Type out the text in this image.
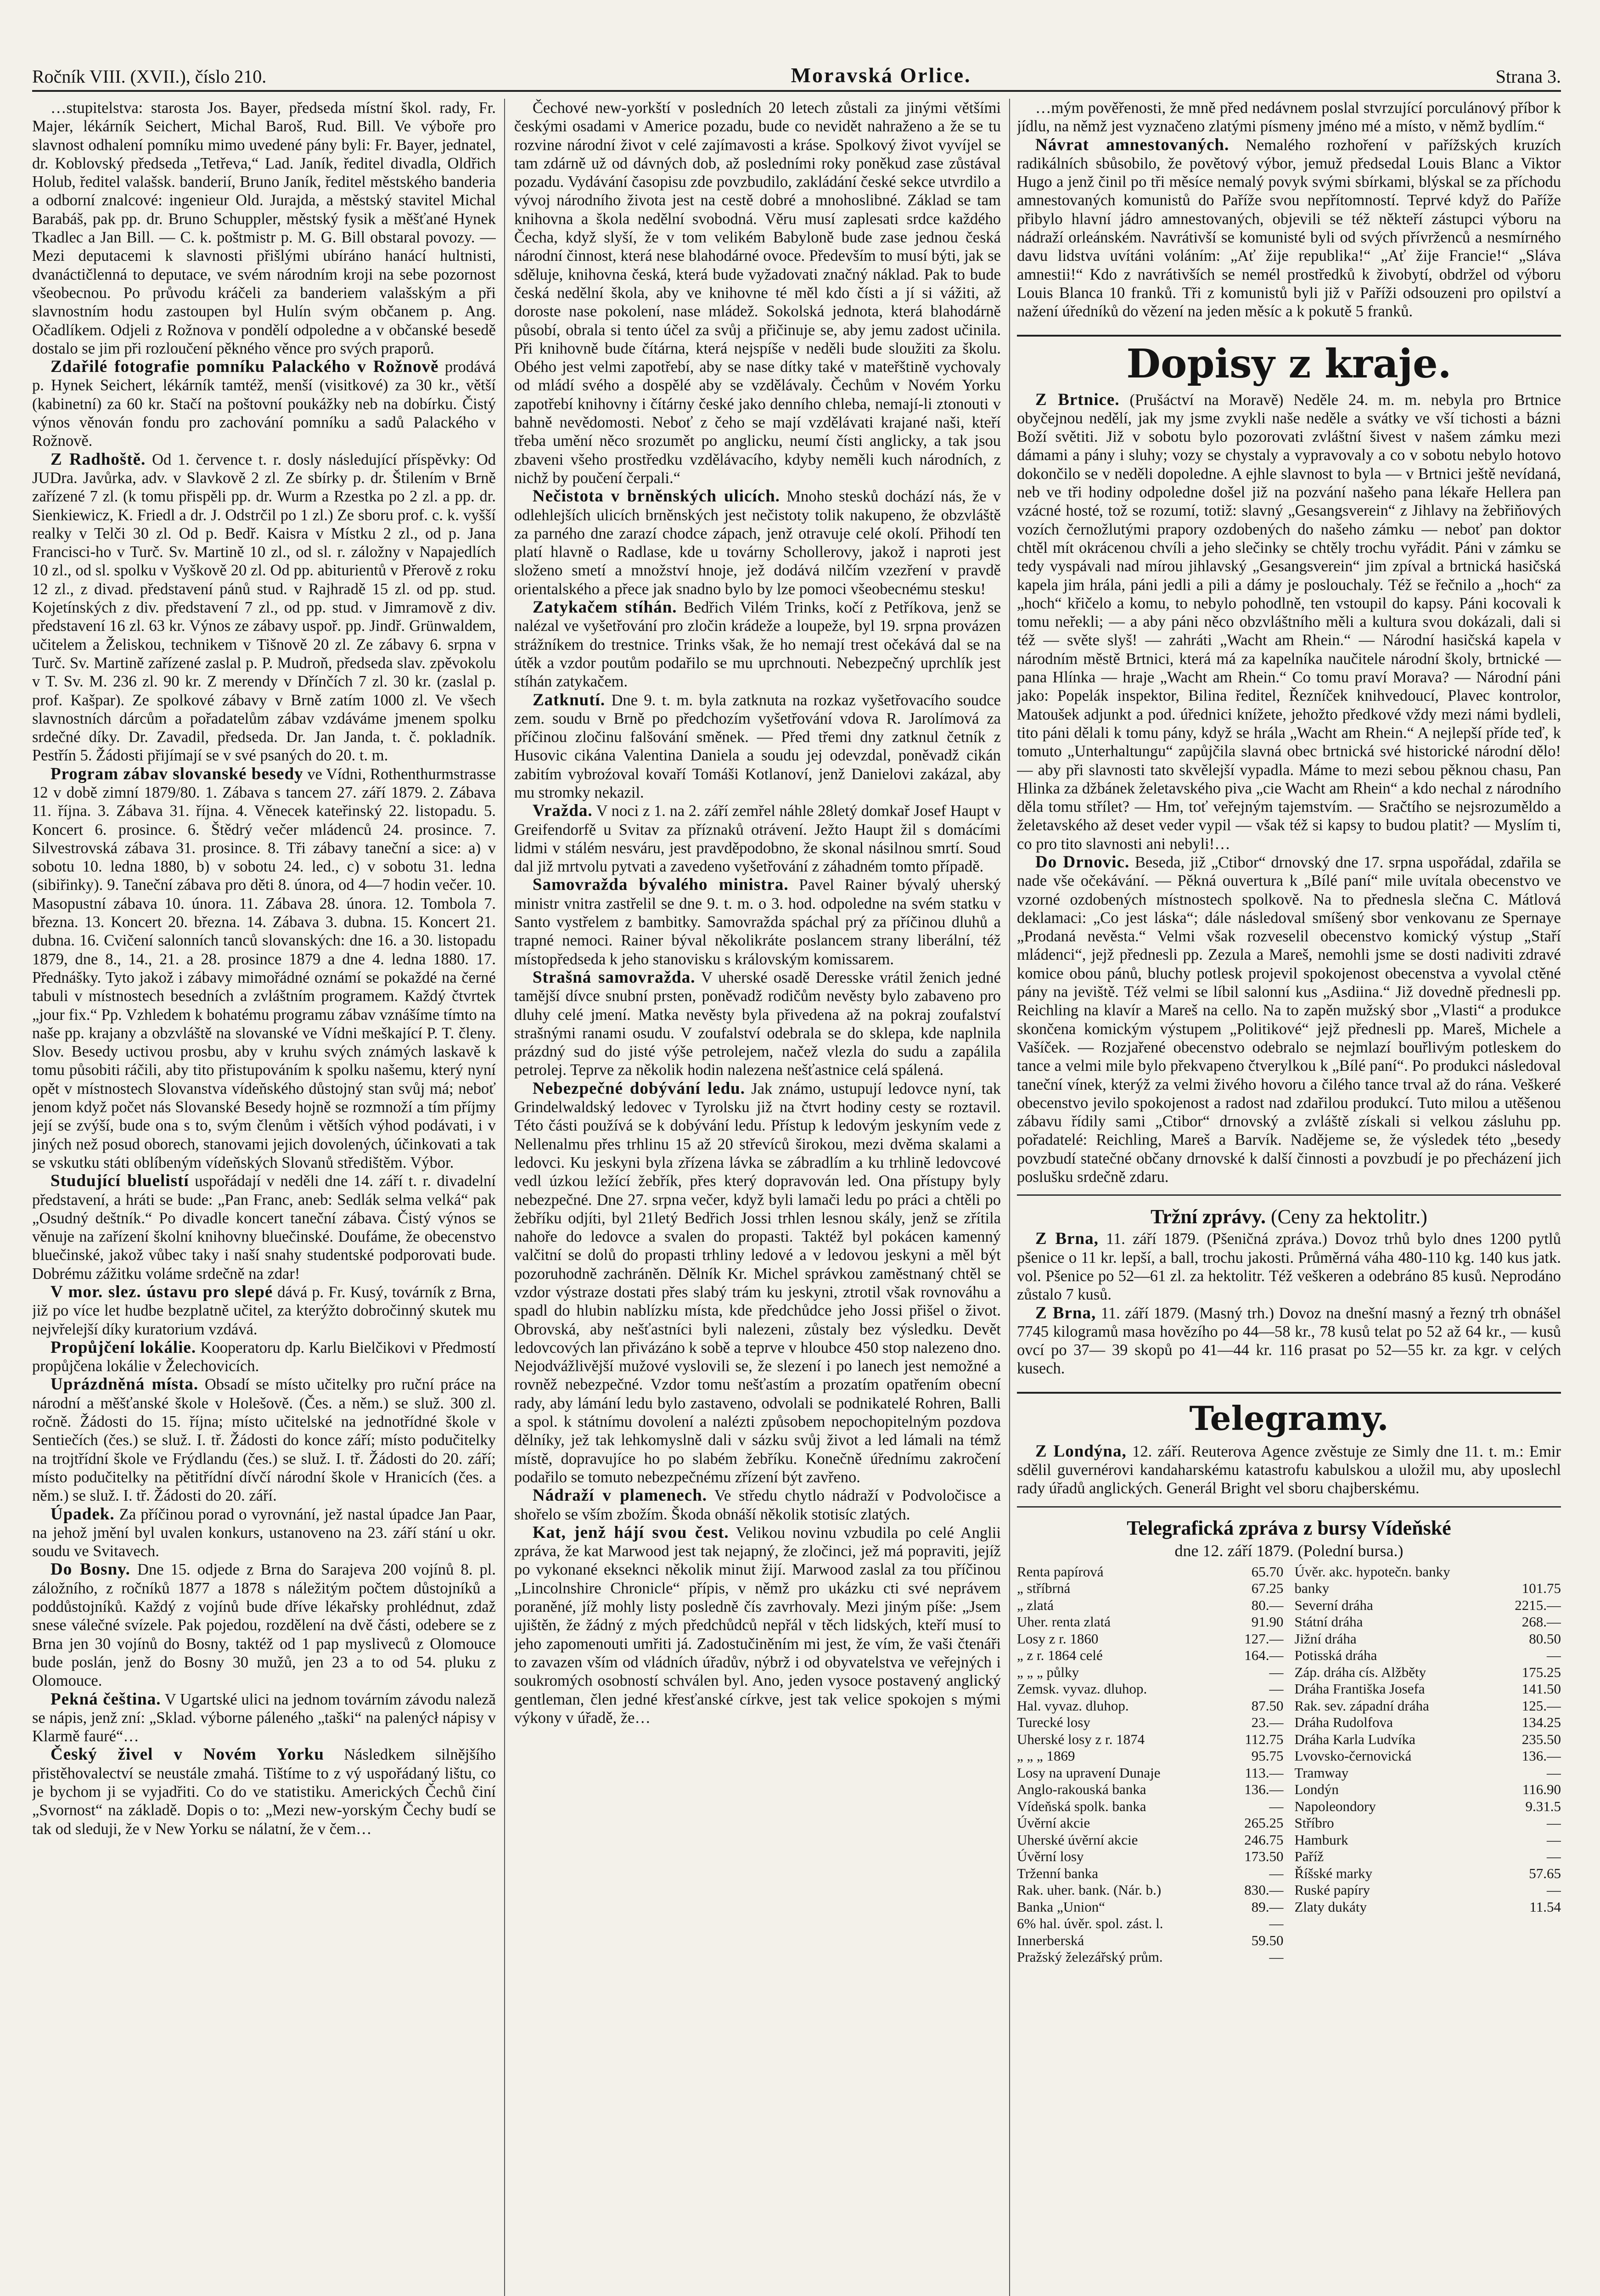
Ročník VIII. (XVII.), číslo 210.	Moravská Orlice.	Strana 3.

…stupitelstva: starosta Jos. Bayer, předseda místní škol. rady, Fr. Majer, lékárník Seichert, Michal Baroš, Rud. Bill. Ve výboře pro slavnost odhalení pomníku mimo uvedené pány byli: Fr. Bayer, jednatel, dr. Koblovský předseda „Tetřeva,“ Lad. Janík, ředitel divadla, Oldřich Holub, ředitel valašsk. banderií, Bruno Janík, ředitel městského banderia a odborní znalcové: ingenieur Old. Jurajda, a městský stavitel Michal Barabáš, pak pp. dr. Bruno Schuppler, městský fysik a měšťané Hynek Tkadlec a Jan Bill. — C. k. poštmistr p. M. G. Bill obstaral povozy. — Mezi deputacemi k slavnosti přišlými ubíráno hanácí hultnisti, dvanáctičlenná to deputace, ve svém národním kroji na sebe pozornost všeobecnou. Po průvodu kráčeli za banderiem valašským a při slavnostním hodu zastoupen byl Hulín svým občanem p. Ang. Očadlíkem. Odjeli z Rožnova v pondělí odpoledne a v občanské besedě dostalo se jim při rozloučení pěkného věnce pro svých praporů.

Zdařilé fotografie pomníku Palackého v Rožnově prodává p. Hynek Seichert, lékárník tamtéž, menší (visitkové) za 30 kr., větší (kabinetní) za 60 kr. Stačí na poštovní poukážky neb na dobírku. Čistý výnos věnován fondu pro zachování pomníku a sadů Palackého v Rožnově.

Z Radhoště. Od 1. července t. r. dosly následující příspěvky: Od JUDra. Javůrka, adv. v Slavkově 2 zl. Ze sbírky p. dr. Štilením v Brně zařízené 7 zl. (k tomu přispěli pp. dr. Wurm a Rzestka po 2 zl. a pp. dr. Sienkiewicz, K. Friedl a dr. J. Odstrčil po 1 zl.) Ze sboru prof. c. k. vyšší realky v Telči 30 zl. Od p. Bedř. Kaisra v Místku 2 zl., od p. Jana Francisci-ho v Turč. Sv. Martině 10 zl., od sl. r. záložny v Napajedlích 10 zl., od sl. spolku v Vyškově 20 zl. Od pp. abiturientů v Přerově z roku 12 zl., z divad. představení pánů stud. v Rajhradě 15 zl. od pp. stud. Kojetínských z div. představení 7 zl., od pp. stud. v Jimramově z div. představení 16 zl. 63 kr. Výnos ze zábavy uspoř. pp. Jindř. Grünwaldem, učitelem a Želiskou, technikem v Tišnově 20 zl. Ze zábavy 6. srpna v Turč. Sv. Martině zařízené zaslal p. P. Mudroň, předseda slav. zpěvokolu v T. Sv. M. 236 zl. 90 kr. Z merendy v Dřínčích 7 zl. 30 kr. (zaslal p. prof. Kašpar). Ze spolkové zábavy v Brně zatím 1000 zl. Ve všech slavnostních dárcům a pořadatelům zábav vzdáváme jmenem spolku srdečné díky. Dr. Zavadil, předseda. Dr. Jan Janda, t. č. pokladník. Pestřín 5. Žádosti přijímají se v své psaných do 20. t. m.

Program zábav slovanské besedy ve Vídni, Rothenthurmstrasse 12 v době zimní 1879/80. 1. Zábava s tancem 27. září 1879. 2. Zábava 11. října. 3. Zábava 31. října. 4. Věnecek kateřinský 22. listopadu. 5. Koncert 6. prosince. 6. Štědrý večer mládenců 24. prosince. 7. Silvestrovská zábava 31. prosince. 8. Tři zábavy taneční a sice: a) v sobotu 10. ledna 1880, b) v sobotu 24. led., c) v sobotu 31. ledna (sibiřinky). 9. Taneční zábava pro děti 8. února, od 4—7 hodin večer. 10. Masopustní zábava 10. února. 11. Zábava 28. února. 12. Tombola 7. března. 13. Koncert 20. března. 14. Zábava 3. dubna. 15. Koncert 21. dubna. 16. Cvičení salonních tanců slovanských: dne 16. a 30. listopadu 1879, dne 8., 14., 21. a 28. prosince 1879 a dne 4. ledna 1880. 17. Přednášky. Tyto jakož i zábavy mimořádné oznámí se pokaždé na černé tabuli v místnostech besedních a zvláštním programem. Každý čtvrtek „jour fix.“ Pp. Vzhledem k bohatému programu zábav vznášíme tímto na naše pp. krajany a obzvláště na slovanské ve Vídni meškající P. T. členy. Slov. Besedy uctivou prosbu, aby v kruhu svých známých laskavě k tomu působiti ráčili, aby tito přistupováním k spolku našemu, který nyní opět v místnostech Slovanstva vídeňského důstojný stan svůj má; neboť jenom když počet nás Slovanské Besedy hojně se rozmnoží a tím příjmy její se zvýší, bude ona s to, svým členům i větších výhod podávati, i v jiných než posud oborech, stanovami jejich dovolených, účinkovati a tak se vskutku státi oblíbeným vídeňských Slovanů středištěm. Výbor.

Studující bluelistí uspořádají v neděli dne 14. září t. r. divadelní představení, a hráti se bude: „Pan Franc, aneb: Sedlák selma velká“ pak „Osudný deštník.“ Po divadle koncert taneční zábava. Čistý výnos se věnuje na zařízení školní knihovny bluečinské. Doufáme, že obecenstvo bluečinské, jakož vůbec taky i naší snahy studentské podporovati bude. Dobrému zážitku voláme srdečně na zdar!

V mor. slez. ústavu pro slepé dává p. Fr. Kusý, továrník z Brna, již po více let hudbe bezplatně učitel, za kterýžto dobročinný skutek mu nejvřelejší díky kuratorium vzdává.

Propůjčení lokálie. Kooperatoru dp. Karlu Bielčikovi v Předmostí propůjčena lokálie v Želechovicích.

Uprázdněná místa. Obsadí se místo učitelky pro ruční práce na národní a měšťanské škole v Holešově. (Čes. a něm.) se služ. 300 zl. ročně. Žádosti do 15. října; místo učitelské na jednotřídné škole v Sentiečích (čes.) se služ. I. tř. Žádosti do konce září; místo podučitelky na trojtřídní škole ve Frýdlandu (čes.) se služ. I. tř. Žádosti do 20. září; místo podučitelky na pětitřídní dívčí národní škole v Hranicích (čes. a něm.) se služ. I. tř. Žádosti do 20. září.

Úpadek. Za příčinou porad o vyrovnání, jež nastal úpadce Jan Paar, na jehož jmění byl uvalen konkurs, ustanoveno na 23. září stání u okr. soudu ve Svitavech.

Do Bosny. Dne 15. odjede z Brna do Sarajeva 200 vojínů 8. pl. záložního, z ročníků 1877 a 1878 s náležitým počtem důstojníků a poddůstojníků. Každý z vojínů bude dříve lékařsky prohlédnut, zdaž snese válečné svízele. Pak pojedou, rozdělení na dvě části, odebere se z Brna jen 30 vojínů do Bosny, taktéž od 1 pap mysliveců z Olomouce bude poslán, jenž do Bosny 30 mužů, jen 23 a to od 54. pluku z Olomouce.

Pekná čeština. V Ugartské ulici na jednom továrním závodu naleză se nápis, jenž zní: „Sklad. výborne páleného „taški“ na palenýcł nápisy v Klarmě fauré“…

Český živel v Novém Yorku Následkem silnějšího přistěhovalectví se neustále zmahá. Tištíme to z vý uspořádaný lištu, co je bychom ji se vyjadřiti. Co do ve statistiku. Amerických Čechů činí „Svornost“ na základě. Dopis o to: „Mezi new-yorským Čechy budí se tak od sleduji, že v New Yorku se nálatní, že v čem…

Čechové new-yorkští v posledních 20 letech zůstali za jinými většími českými osadami v Americe pozadu, bude co nevidět nahraženo a že se tu rozvine národní život v celé zajímavosti a kráse. Spolkový život vyvíjel se tam zdárně už od dávných dob, až posledními roky poněkud zase zůstával pozadu. Vydávání časopisu zde povzbudilo, zakládání české sekce utvrdilo a vývoj národního života jest na cestě dobré a mnohoslibné. Základ se tam knihovna a škola nedělní svobodná. Věru musí zaplesati srdce každého Čecha, když slyší, že v tom velikém Babyloně bude zase jednou česká národní činnost, která nese blahodárné ovoce. Především to musí býti, jak se sděluje, knihovna česká, která bude vyžadovati značný náklad. Pak to bude česká nedělní škola, aby ve knihovne té měl kdo čísti a jí si vážiti, až doroste nase pokolení, nase mládež. Sokolská jednota, která blahodárně působí, obrala si tento účel za svůj a přičinuje se, aby jemu zadost učinila. Při knihovně bude čítárna, která nejspíše v neděli bude sloužiti za školu. Obého jest velmi zapotřebí, aby se nase dítky také v mateřštině vychovaly od mládí svého a dospělé aby se vzdělávaly. Čechům v Novém Yorku zapotřebí knihovny i čítárny české jako denního chleba, nemají-li ztonouti v bahně nevědomosti. Neboť z čeho se mají vzdělávati krajané naši, kteří třeba umění něco srozumět po anglicku, neumí čísti anglicky, a tak jsou zbaveni všeho prostředku vzdělávacího, kdyby neměli kuch národních, z nichž by poučení čerpali.“

Nečistota v brněnských ulicích. Mnoho stesků dochází nás, že v odlehlejších ulicích brněnských jest nečistoty tolik nakupeno, že obzvláště za parného dne zarazí chodce zápach, jenž otravuje celé okolí. Přihodí ten platí hlavně o Radlase, kde u továrny Schollerovy, jakož i naproti jest složeno smetí a množství hnoje, jež dodává nilčím vzezření v pravdě orientalského a přece jak snadno bylo by lze pomoci všeobecnému stesku!

Zatykačem stíhán. Bedřich Vilém Trinks, kočí z Petříkova, jenž se nalézal ve vyšetřování pro zločin krádeže a loupeže, byl 19. srpna provázen strážníkem do trestnice. Trinks však, že ho nemají trest očekává dal se na útěk a vzdor poutům podařilo se mu uprchnouti. Nebezpečný uprchlík jest stíhán zatykačem.

Zatknutí. Dne 9. t. m. byla zatknuta na rozkaz vyšetřovacího soudce zem. soudu v Brně po předchozím vyšetřování vdova R. Jarolímová za příčinou zločinu falšování směnek. — Před třemi dny zatknul četník z Husovic cikána Valentina Daniela a soudu jej odevzdal, poněvadž cikán zabitím vybroźoval kovaří Tomáši Kotlanoví, jenž Danielovi zakázal, aby mu stromky nekazil.

Vražda. V noci z 1. na 2. září zemřel náhle 28letý domkař Josef Haupt v Greifendorfě u Svitav za příznaků otrávení. Ježto Haupt žil s domácími lidmi v stálém nesváru, jest pravděpodobno, že skonal násilnou smrtí. Soud dal již mrtvolu pytvati a zavedeno vyšetřování z záhadném tomto případě.

Samovražda bývalého ministra. Pavel Rainer bývalý uherský ministr vnitra zastřelil se dne 9. t. m. o 3. hod. odpoledne na svém statku v Santo vystřelem z bambitky. Samovražda spáchal prý za příčinou dluhů a trapné nemoci. Rainer býval několikráte poslancem strany liberální, též místopředseda k jeho stanovisku s královským komissarem.

Strašná samovražda. V uherské osadě Deresske vrátil ženich jedné tamější dívce snubní prsten, poněvadž rodičům nevěsty bylo zabaveno pro dluhy celé jmení. Matka nevěsty byla přivedena až na pokraj zoufalství strašnými ranami osudu. V zoufalství odebrala se do sklepa, kde naplnila prázdný sud do jisté výše petrolejem, načež vlezla do sudu a zapálila petrolej. Teprve za několik hodin nalezena nešťastnice celá spálená.

Nebezpečné dobývání ledu. Jak známo, ustupují ledovce nyní, tak Grindelwaldský ledovec v Tyrolsku již na čtvrt hodiny cesty se roztavil. Této části používá se k dobývání ledu. Přístup k ledovým jeskyním vede z Nellenalmu přes trhlinu 15 až 20 střevíců širokou, mezi dvěma skalami a ledovci. Ku jeskyni byla zřízena lávka se zábradlím a ku trhlině ledovcové vedl úzkou ležící žebřík, přes který dopravován led. Ona přístupy byly nebezpečné. Dne 27. srpna večer, když byli lamači ledu po práci a chtěli po žebříku odjíti, byl 21letý Bedřich Jossi trhlen lesnou skály, jenž se zřítila nahoře do ledovce a svalen do propasti. Taktéž byl pokácen kamenný valčitní se dolů do propasti trhliny ledové a v ledovou jeskyni a měl být pozoruhodně zachráněn. Dělník Kr. Michel správkou zaměstnaný chtěl se vzdor výstraze dostati přes slabý trám ku jeskyni, ztrotil však rovnováhu a spadl do hlubin nablízku místa, kde předchůdce jeho Jossi přišel o život. Obrovská, aby nešťastníci byli nalezeni, zůstaly bez výsledku. Devět ledovcových lan přivázáno k sobě a teprve v hloubce 450 stop nalezeno dno. Nejodvážlivější mužové vyslovili se, že slezení i po lanech jest nemožné a rovněž nebezpečné. Vzdor tomu nešťastím a prozatím opatřením obecní rady, aby lámání ledu bylo zastaveno, odvolali se podnikatelé Rohren, Balli a spol. k státnímu dovolení a nalézti způsobem nepochopitelným pozdova dělníky, jež tak lehkomyslně dali v sázku svůj život a led lámali na témž místě, dopravujíce ho po slabém žebříku. Konečně úřednímu zakročení podařilo se tomuto nebezpečnému zřízení být zavřeno.

Nádraží v plamenech. Ve středu chytlo nádraží v Podvoločisce a shořelo se vším zbožím. Škoda obnáší několik stotisíc zlatých.

Kat, jenž hájí svou čest. Velikou novinu vzbudila po celé Anglii zpráva, že kat Marwood jest tak nejapný, že zločinci, jež má popraviti, jejíž po vykonané ekseknci několik minut žijí. Marwood zaslal za tou příčinou „Lincolnshire Chronicle“ přípis, v němž pro ukázku cti své neprávem poraněné, jíž mohly listy posledně čís zavrhovaly. Mezi jiným píše: „Jsem ujištěn, že žádný z mých předchůdců nepřál v těch lidských, kteří musí to jeho zapomenouti umřiti já. Zadostučiněním mi jest, že vím, že vaši čtenáři to zavazen vším od vládních úřadův, nýbrž i od obyvatelstva ve veřejných i soukromých osobností schválen byl. Ano, jeden vysoce postavený anglický gentleman, člen jedné křesťanské církve, jest tak velice spokojen s mými výkony v úřadě, že…

…mým pověřenosti, že mně před nedávnem poslal stvrzující porculánový příbor k jídlu, na němž jest vyznačeno zlatými písmeny jméno mé a místo, v němž bydlím.“

Návrat amnestovaných. Nemalého rozhoření v pařížských kruzích radikálních sbůsobilo, že povětový výbor, jemuž předsedal Louis Blanc a Viktor Hugo a jenž činil po tři měsíce nemalý povyk svými sbírkami, blýskal se za příchodu amnestovaných komunistů do Paříže svou nepřítomností. Teprvé když do Paříže přibylo hlavní jádro amnestovaných, objevili se též někteří zástupci výboru na nádraží orleánském. Navrátivší se komunisté byli od svých přívrženců a nesmírného davu lidstva uvítáni voláním: „Ať žije republika!“ „Ať žije Francie!“ „Sláva amnestii!“ Kdo z navrátivších se nemél prostředků k živobytí, obdržel od výboru Louis Blanca 10 franků. Tři z komunistů byli již v Paříži odsouzeni pro opilství a nažení úředníků do vězení na jeden měsíc a k pokutě 5 franků.

Dopisy z kraje.

Z Brtnice. (Prušáctví na Moravě) Neděle 24. m. m. nebyla pro Brtnice obyčejnou nedělí, jak my jsme zvykli naše neděle a svátky ve vší tichosti a bázni Boží světiti. Již v sobotu bylo pozorovati zvláštní šivest v našem zámku mezi dámami a pány i sluhy; vozy se chystaly a vypravovaly a co v sobotu nebylo hotovo dokončilo se v neděli dopoledne. A ejhle slavnost to byla — v Brtnici ještě nevídaná, neb ve tři hodiny odpoledne došel již na pozvání našeho pana lékaře Hellera pan vzácné hosté, tož se rozumí, totiž: slavný „Gesangsverein“ z Jihlavy na žebřiňových vozích černožlutými prapory ozdobených do našeho zámku — neboť pan doktor chtěl mít okrácenou chvíli a jeho slečinky se chtěly trochu vyřádit. Páni v zámku se tedy vyspávali nad mírou jihlavský „Gesangsverein“ jim zpíval a brtnická hasičská kapela jim hrála, páni jedli a pili a dámy je poslouchaly. Též se řečnilo a „hoch“ za „hoch“ křičelo a komu, to nebylo pohodlně, ten vstoupil do kapsy. Páni kocovali k tomu neřekli; — a aby páni něco obzvláštního měli a kultura svou dokázali, dali si též — světe slyš! — zahráti „Wacht am Rhein.“ — Národní hasičská kapela v národním městě Brtnici, která má za kapelníka naučitele národní školy, brtnické — pana Hlínka — hraje „Wacht am Rhein.“ Co tomu praví Morava? — Národní páni jako: Popelák inspektor, Bilina ředitel, Řezníček knihvedoucí, Plavec kontrolor, Matoušek adjunkt a pod. úřednici knížete, jehožto předkové vždy mezi námi bydleli, tito páni dělali k tomu pány, když se hrála „Wacht am Rhein.“ A nejlepší příde teď, k tomuto „Unterhaltungu“ zapůjčila slavná obec brtnická své historické národní dělo! — aby při slavnosti tato skvělejší vypadla. Máme to mezi sebou pěknou chasu, Pan Hlinka za džbánek želetavského piva „cie Wacht am Rhein“ a kdo nechal z národního děla tomu střílet? — Hm, toť veřejným tajemstvím. — Sračtího se nejsrozuměldo a želetavského až deset veder vypil — však též si kapsy to budou platit? — Myslím ti, co pro tito slavnosti ani nebyli!…

Do Drnovic. Beseda, již „Ctibor“ drnovský dne 17. srpna uspořádal, zdařila se nade vše očekávání. — Pěkná ouvertura k „Bílé paní“ mile uvítala obecenstvo ve vzorné ozdobených místnostech spolkově. Na to přednesla slečna C. Mátlová deklamaci: „Co jest láska“; dále následoval smíšený sbor venkovanu ze Spernaye „Prodaná nevěsta.“ Velmi však rozveselil obecenstvo komický výstup „Staří mládenci“, jejž přednesli pp. Zezula a Mareš, nemohli jsme se dosti nadiviti zdravé komice obou pánů, bluchy potlesk projevil spokojenost obecenstva a vyvolal ctěné pány na jeviště. Též velmi se líbil salonní kus „Asdiina.“ Již dovedně přednesli pp. Reichling na klavír a Mareš na cello. Na to zapěn mužský sbor „Vlasti“ a produkce skončena komickým výstupem „Politikové“ jejž přednesli pp. Mareš, Michele a Vašíček. — Rozjařené obecenstvo odebralo se nejmlazí bouřlivým potleskem do tance a velmi mile bylo překvapeno čtverylkou k „Bílé paní“. Po produkci následoval taneční vínek, kterýž za velmi živého hovoru a čilého tance trval až do rána. Veškeré obecenstvo jevilo spokojenost a radost nad zdařilou produkcí. Tuto milou a utěšenou zábavu řídily sami „Ctibor“ drnovský a zvláště získali si velkou zásluhu pp. pořadatelé: Reichling, Mareš a Barvík. Nadějeme se, že výsledek této „besedy povzbudí statečné občany drnovské k další činnosti a povzbudí je po přecházení jich poslušku srdečně zdaru.

Tržní zprávy. (Ceny za hektolitr.)

Z Brna, 11. září 1879. (Pšeničná zpráva.) Dovoz trhů bylo dnes 1200 pytlů pšenice o 11 kr. lepší, a ball, trochu jakosti. Průměrná váha 480-110 kg. 140 kus jatk. vol. Pšenice po 52—61 zl. za hektolitr. Též veškeren a odebráno 85 kusů. Neprodáno zůstalo 7 kusů.

Z Brna, 11. září 1879. (Masný trh.) Dovoz na dnešní masný a řezný trh obnášel 7745 kilogramů masa hovězího po 44—58 kr., 78 kusů telat po 52 až 64 kr., — kusů ovcí po 37— 39 skopů po 41—44 kr. 116 prasat po 52—55 kr. za kgr. v celých kusech.

Telegramy.

Z Londýna, 12. září. Reuterova Agence zvěstuje ze Simly dne 11. t. m.: Emir sdělil guvernérovi kandaharskému katastrofu kabulskou a uložil mu, aby uposlechl rady úřadů anglických. Generál Bright vel sboru chajberskému.

Telegrafická zpráva z bursy Vídeňské
dne 12. září 1879. (Polední bursa.)
Renta papírová	65.70
„ stříbrná	67.25
„ zlatá	80.—
Uher. renta zlatá	91.90
Losy z r. 1860	127.—
„ z r. 1864 celé	164.—
„ „ „ půlky	—
Zemsk. vyvaz. dluhop.	—
Hal. vyvaz. dluhop.	87.50
Turecké losy	23.—
Uherské losy z r. 1874	112.75
„ „ „ 1869	95.75
Losy na upravení Dunaje	113.—
Anglo-rakouská banka	136.—
Vídeňská spolk. banka	—
Úvěrní akcie	265.25
Uherské úvěrní akcie	246.75
Úvěrní losy	173.50
Trženní banka	—
Rak. uher. bank. (Nár. b.)	830.—
Banka „Union“	89.—
6% hal. úvěr. spol. zást. l.	—
Innerberská	59.50
Pražský železářský prům.	—
Úvěr. akc. hypotečn. banky
banky	101.75
Severní dráha	2215.—
Státní dráha	268.—
Jižní dráha	80.50
Potisská dráha	—
Záp. dráha cís. Alžběty	175.25
Dráha Františka Josefa	141.50
Rak. sev. západní dráha	125.—
Dráha Rudolfova	134.25
Dráha Karla Ludvíka	235.50
Lvovsko-černovická	136.—
Tramway	—
Londýn	116.90
Napoleondory	9.31.5
Stříbro	—
Hamburk	—
Paříž	—
Říšské marky	57.65
Ruské papíry	—
Zlaty dukáty	11.54
